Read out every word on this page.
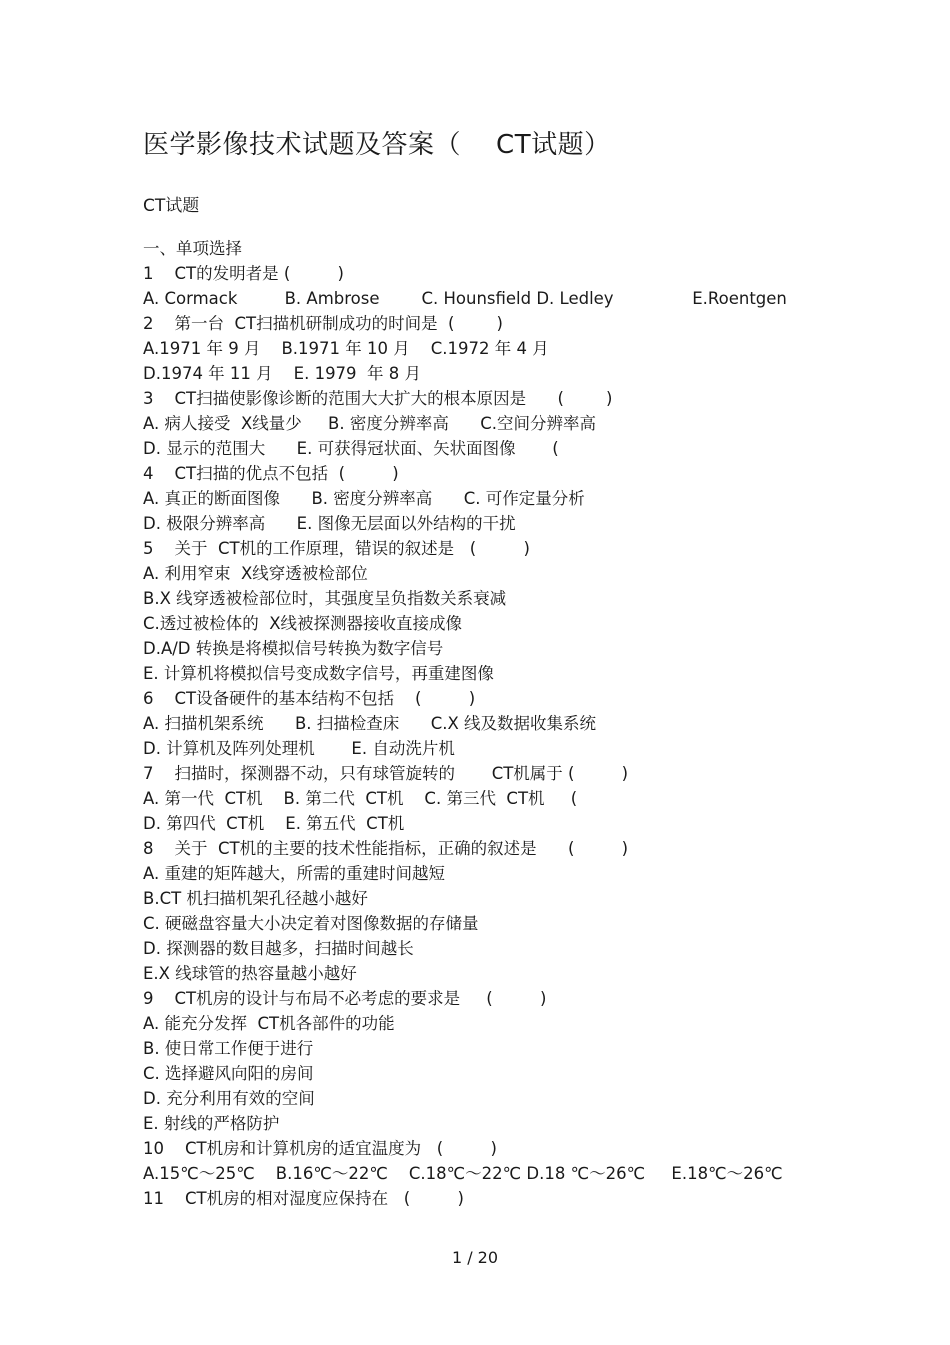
医学影像技术试题及答案（    CT试题）
CT试题
一、单项选择
1    CT的发明者是 (         )
A. Cormack         B. Ambrose        C. Hounsfield D. Ledley               E.Roentgen
2    第一台  CT扫描机研制成功的时间是  (        )
A.1971 年 9 月    B.1971 年 10 月    C.1972 年 4 月
D.1974 年 11 月    E. 1979  年 8 月
3    CT扫描使影像诊断的范围大大扩大的根本原因是      (        )
A. 病人接受  X线量少     B. 密度分辨率高      C.空间分辨率高
D. 显示的范围大      E. 可获得冠状面、矢状面图像       (
4    CT扫描的优点不包括  (         )
A. 真正的断面图像      B. 密度分辨率高      C. 可作定量分析
D. 极限分辨率高      E. 图像无层面以外结构的干扰
5    关于  CT机的工作原理，错误的叙述是   (         )
A. 利用窄束  X线穿透被检部位
B.X 线穿透被检部位时，其强度呈负指数关系衰减
C.透过被检体的  X线被探测器接收直接成像
D.A/D 转换是将模拟信号转换为数字信号
E. 计算机将模拟信号变成数字信号，再重建图像
6    CT设备硬件的基本结构不包括    (         )
A. 扫描机架系统      B. 扫描检查床      C.X 线及数据收集系统
D. 计算机及阵列处理机       E. 自动洗片机
7    扫描时，探测器不动，只有球管旋转的       CT机属于 (         )
A. 第一代  CT机    B. 第二代  CT机    C. 第三代  CT机     (
D. 第四代  CT机    E. 第五代  CT机
8    关于  CT机的主要的技术性能指标，正确的叙述是      (         )
A. 重建的矩阵越大，所需的重建时间越短
B.CT 机扫描机架孔径越小越好
C. 硬磁盘容量大小决定着对图像数据的存储量
D. 探测器的数目越多，扫描时间越长
E.X 线球管的热容量越小越好
9    CT机房的设计与布局不必考虑的要求是     (         )
A. 能充分发挥  CT机各部件的功能
B. 使日常工作便于进行
C. 选择避风向阳的房间
D. 充分利用有效的空间
E. 射线的严格防护
10    CT机房和计算机房的适宜温度为   (         )
A.15℃～25℃    B.16℃～22℃    C.18℃～22℃ D.18 ℃～26℃     E.18℃～26℃
11    CT机房的相对湿度应保持在   (         )
1 / 20
